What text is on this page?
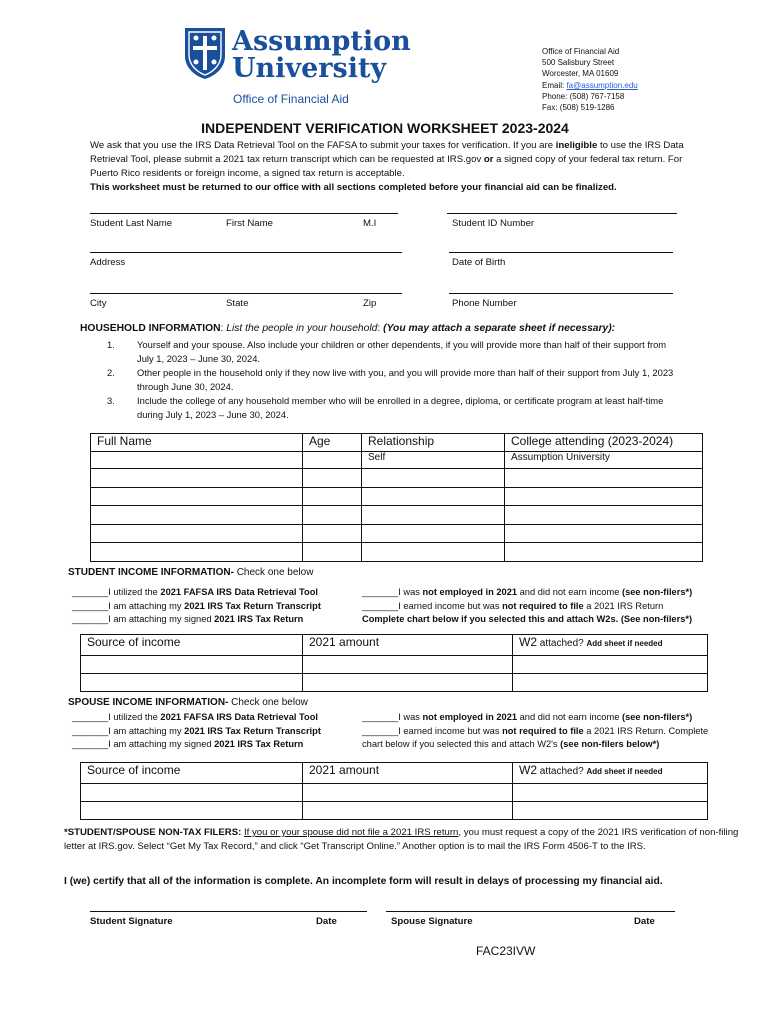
Assumption
University
Office of Financial Aid
Office of Financial Aid
500 Salisbury Street
Worcester, MA 01609
Email: fa@assumption.edu
Phone: (508) 767-7158
Fax: (508) 519-1286
INDEPENDENT VERIFICATION WORKSHEET 2023-2024
We ask that you use the IRS Data Retrieval Tool on the FAFSA to submit your taxes for verification. If you are ineligible to use the IRS Data Retrieval Tool, please submit a 2021 tax return transcript which can be requested at IRS.gov or a signed copy of your federal tax return. For Puerto Rico residents or foreign income, a signed tax return is acceptable.
This worksheet must be returned to our office with all sections completed before your financial aid can be finalized.
Student Last Name	First Name	M.I	Student ID Number
Address	Date of Birth
City	State	Zip	Phone Number
HOUSEHOLD INFORMATION: List the people in your household: (You may attach a separate sheet if necessary):
1. Yourself and your spouse. Also include your children or other dependents, if you will provide more than half of their support from July 1, 2023 – June 30, 2024.
2. Other people in the household only if they now live with you, and you will provide more than half of their support from July 1, 2023 through June 30, 2024.
3. Include the college of any household member who will be enrolled in a degree, diploma, or certificate program at least half-time during July 1, 2023 – June 30, 2024.
Full Name	Age	Relationship	College attending (2023-2024)
		Self	Assumption University

STUDENT INCOME INFORMATION- Check one below
_______I utilized the 2021 FAFSA IRS Data Retrieval Tool
_______I am attaching my 2021 IRS Tax Return Transcript
_______I am attaching my signed 2021 IRS Tax Return
_______I was not employed in 2021 and did not earn income (see non-filers*)
_______I earned income but was not required to file a 2021 IRS Return
Complete chart below if you selected this and attach W2s. (See non-filers*)
Source of income	2021 amount	W2 attached? Add sheet if needed

SPOUSE INCOME INFORMATION- Check one below
_______I utilized the 2021 FAFSA IRS Data Retrieval Tool
_______I am attaching my 2021 IRS Tax Return Transcript
_______I am attaching my signed 2021 IRS Tax Return
_______I was not employed in 2021 and did not earn income (see non-filers*)
_______I earned income but was not required to file a 2021 IRS Return. Complete
chart below if you selected this and attach W2's (see non-filers below*)
Source of income	2021 amount	W2 attached? Add sheet if needed

*STUDENT/SPOUSE NON-TAX FILERS: If you or your spouse did not file a 2021 IRS return, you must request a copy of the 2021 IRS verification of non-filing letter at IRS.gov. Select “Get My Tax Record,” and click “Get Transcript Online.” Another option is to mail the IRS Form 4506-T to the IRS.
I (we) certify that all of the information is complete. An incomplete form will result in delays of processing my financial aid.
Student Signature	Date	Spouse Signature	Date
FAC23IVW
